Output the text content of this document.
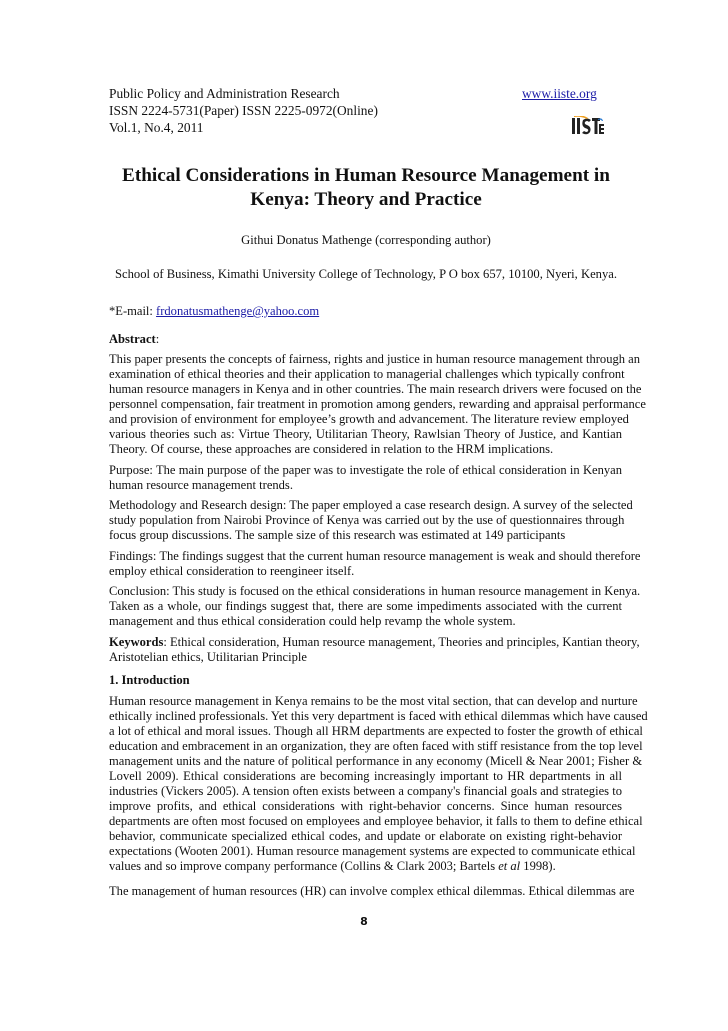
Public Policy and Administration Research
ISSN 2224-5731(Paper) ISSN 2225-0972(Online)
Vol.1, No.4, 2011
www.iiste.org
Ethical Considerations in Human Resource Management in
Kenya: Theory and Practice
Githui Donatus Mathenge (corresponding author)
School of Business, Kimathi University College of Technology, P O box 657, 10100, Nyeri, Kenya.
*E-mail: frdonatusmathenge@yahoo.com
Abstract:
This paper presents the concepts of fairness, rights and justice in human resource management through an
examination of ethical theories and their application to managerial challenges which typically confront
human resource managers in Kenya and in other countries. The main research drivers were focused on the
personnel compensation, fair treatment in promotion among genders, rewarding and appraisal performance
and provision of environment for employee’s growth and advancement. The literature review employed
various theories such as: Virtue Theory, Utilitarian Theory, Rawlsian Theory of Justice, and Kantian
Theory. Of course, these approaches are considered in relation to the HRM implications.
Purpose: The main purpose of the paper was to investigate the role of ethical consideration in Kenyan
human resource management trends.
Methodology and Research design: The paper employed a case research design. A survey of the selected
study population from Nairobi Province of Kenya was carried out by the use of questionnaires through
focus group discussions. The sample size of this research was estimated at 149 participants
Findings: The findings suggest that the current human resource management is weak and should therefore
employ ethical consideration to reengineer itself.
Conclusion: This study is focused on the ethical considerations in human resource management in Kenya.
Taken as a whole, our findings suggest that, there are some impediments associated with the current
management and thus ethical consideration could help revamp the whole system.
Keywords: Ethical consideration, Human resource management, Theories and principles, Kantian theory,
Aristotelian ethics, Utilitarian Principle
1. Introduction
Human resource management in Kenya remains to be the most vital section, that can develop and nurture
ethically inclined professionals. Yet this very department is faced with ethical dilemmas which have caused
a lot of ethical and moral issues. Though all HRM departments are expected to foster the growth of ethical
education and embracement in an organization, they are often faced with stiff resistance from the top level
management units and the nature of political performance in any economy (Micell & Near 2001; Fisher &
Lovell 2009). Ethical considerations are becoming increasingly important to HR departments in all
industries (Vickers 2005). A tension often exists between a company's financial goals and strategies to
improve profits, and ethical considerations with right-behavior concerns. Since human resources
departments are often most focused on employees and employee behavior, it falls to them to define ethical
behavior, communicate specialized ethical codes, and update or elaborate on existing right-behavior
expectations (Wooten 2001). Human resource management systems are expected to communicate ethical
values and so improve company performance (Collins & Clark 2003; Bartels et al 1998).
The management of human resources (HR) can involve complex ethical dilemmas. Ethical dilemmas are
8
